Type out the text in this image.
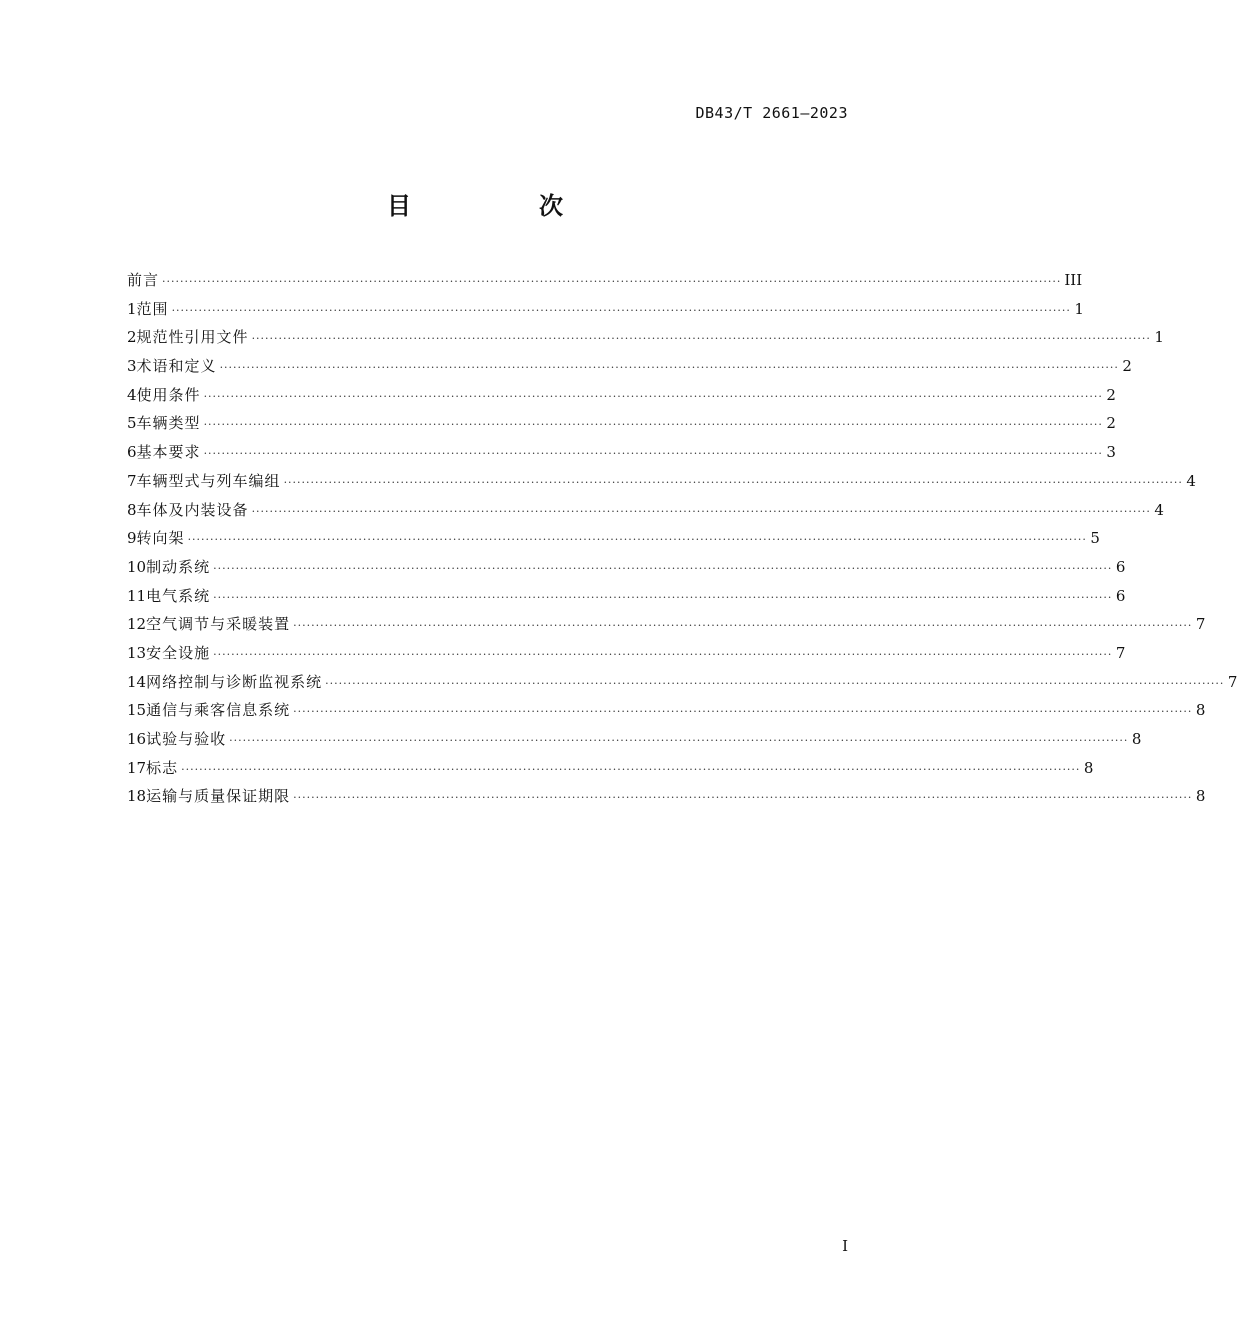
DB43/T 2661—2023
目　次
前言 ········································································································································································································ III
1 范围 ········································································································································································································ 1
2 规范性引用文件 ········································································································································································································ 1
3 术语和定义 ········································································································································································································ 2
4 使用条件 ········································································································································································································ 2
5 车辆类型 ········································································································································································································ 2
6 基本要求 ········································································································································································································ 3
7 车辆型式与列车编组 ········································································································································································································ 4
8 车体及内装设备 ········································································································································································································ 4
9 转向架 ········································································································································································································ 5
10 制动系统 ········································································································································································································ 6
11 电气系统 ········································································································································································································ 6
12 空气调节与采暖装置 ········································································································································································································ 7
13 安全设施 ········································································································································································································ 7
14 网络控制与诊断监视系统 ········································································································································································································ 7
15 通信与乘客信息系统 ········································································································································································································ 8
16 试验与验收 ········································································································································································································ 8
17 标志 ········································································································································································································ 8
18 运输与质量保证期限 ········································································································································································································ 8
I
